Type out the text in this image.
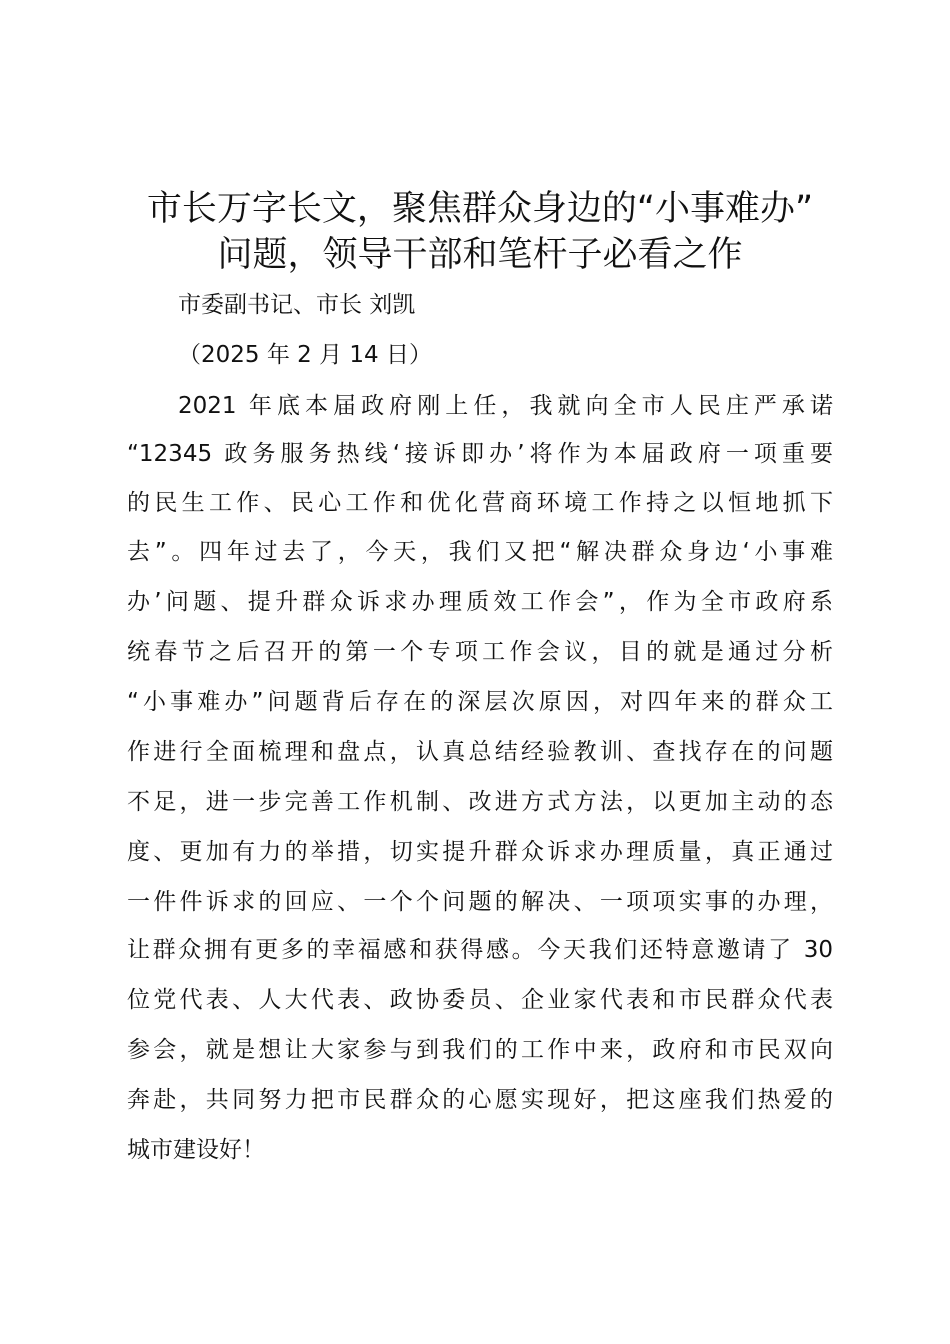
市长万字长文，聚焦群众身边的“小事难办”
问题，领导干部和笔杆子必看之作
市委副书记、市长 刘凯
（2025 年 2 月 14 日）
2021 年底本届政府刚上任，我就向全市人民庄严承诺
“12345 政务服务热线‘接诉即办’将作为本届政府一项重要
的民生工作、民心工作和优化营商环境工作持之以恒地抓下
去”。四年过去了，今天，我们又把“解决群众身边‘小事难
办’问题、提升群众诉求办理质效工作会”，作为全市政府系
统春节之后召开的第一个专项工作会议，目的就是通过分析
“小事难办”问题背后存在的深层次原因，对四年来的群众工
作进行全面梳理和盘点，认真总结经验教训、查找存在的问题
不足，进一步完善工作机制、改进方式方法，以更加主动的态
度、更加有力的举措，切实提升群众诉求办理质量，真正通过
一件件诉求的回应、一个个问题的解决、一项项实事的办理，
让群众拥有更多的幸福感和获得感。今天我们还特意邀请了 30
位党代表、人大代表、政协委员、企业家代表和市民群众代表
参会，就是想让大家参与到我们的工作中来，政府和市民双向
奔赴，共同努力把市民群众的心愿实现好，把这座我们热爱的
城市建设好！
